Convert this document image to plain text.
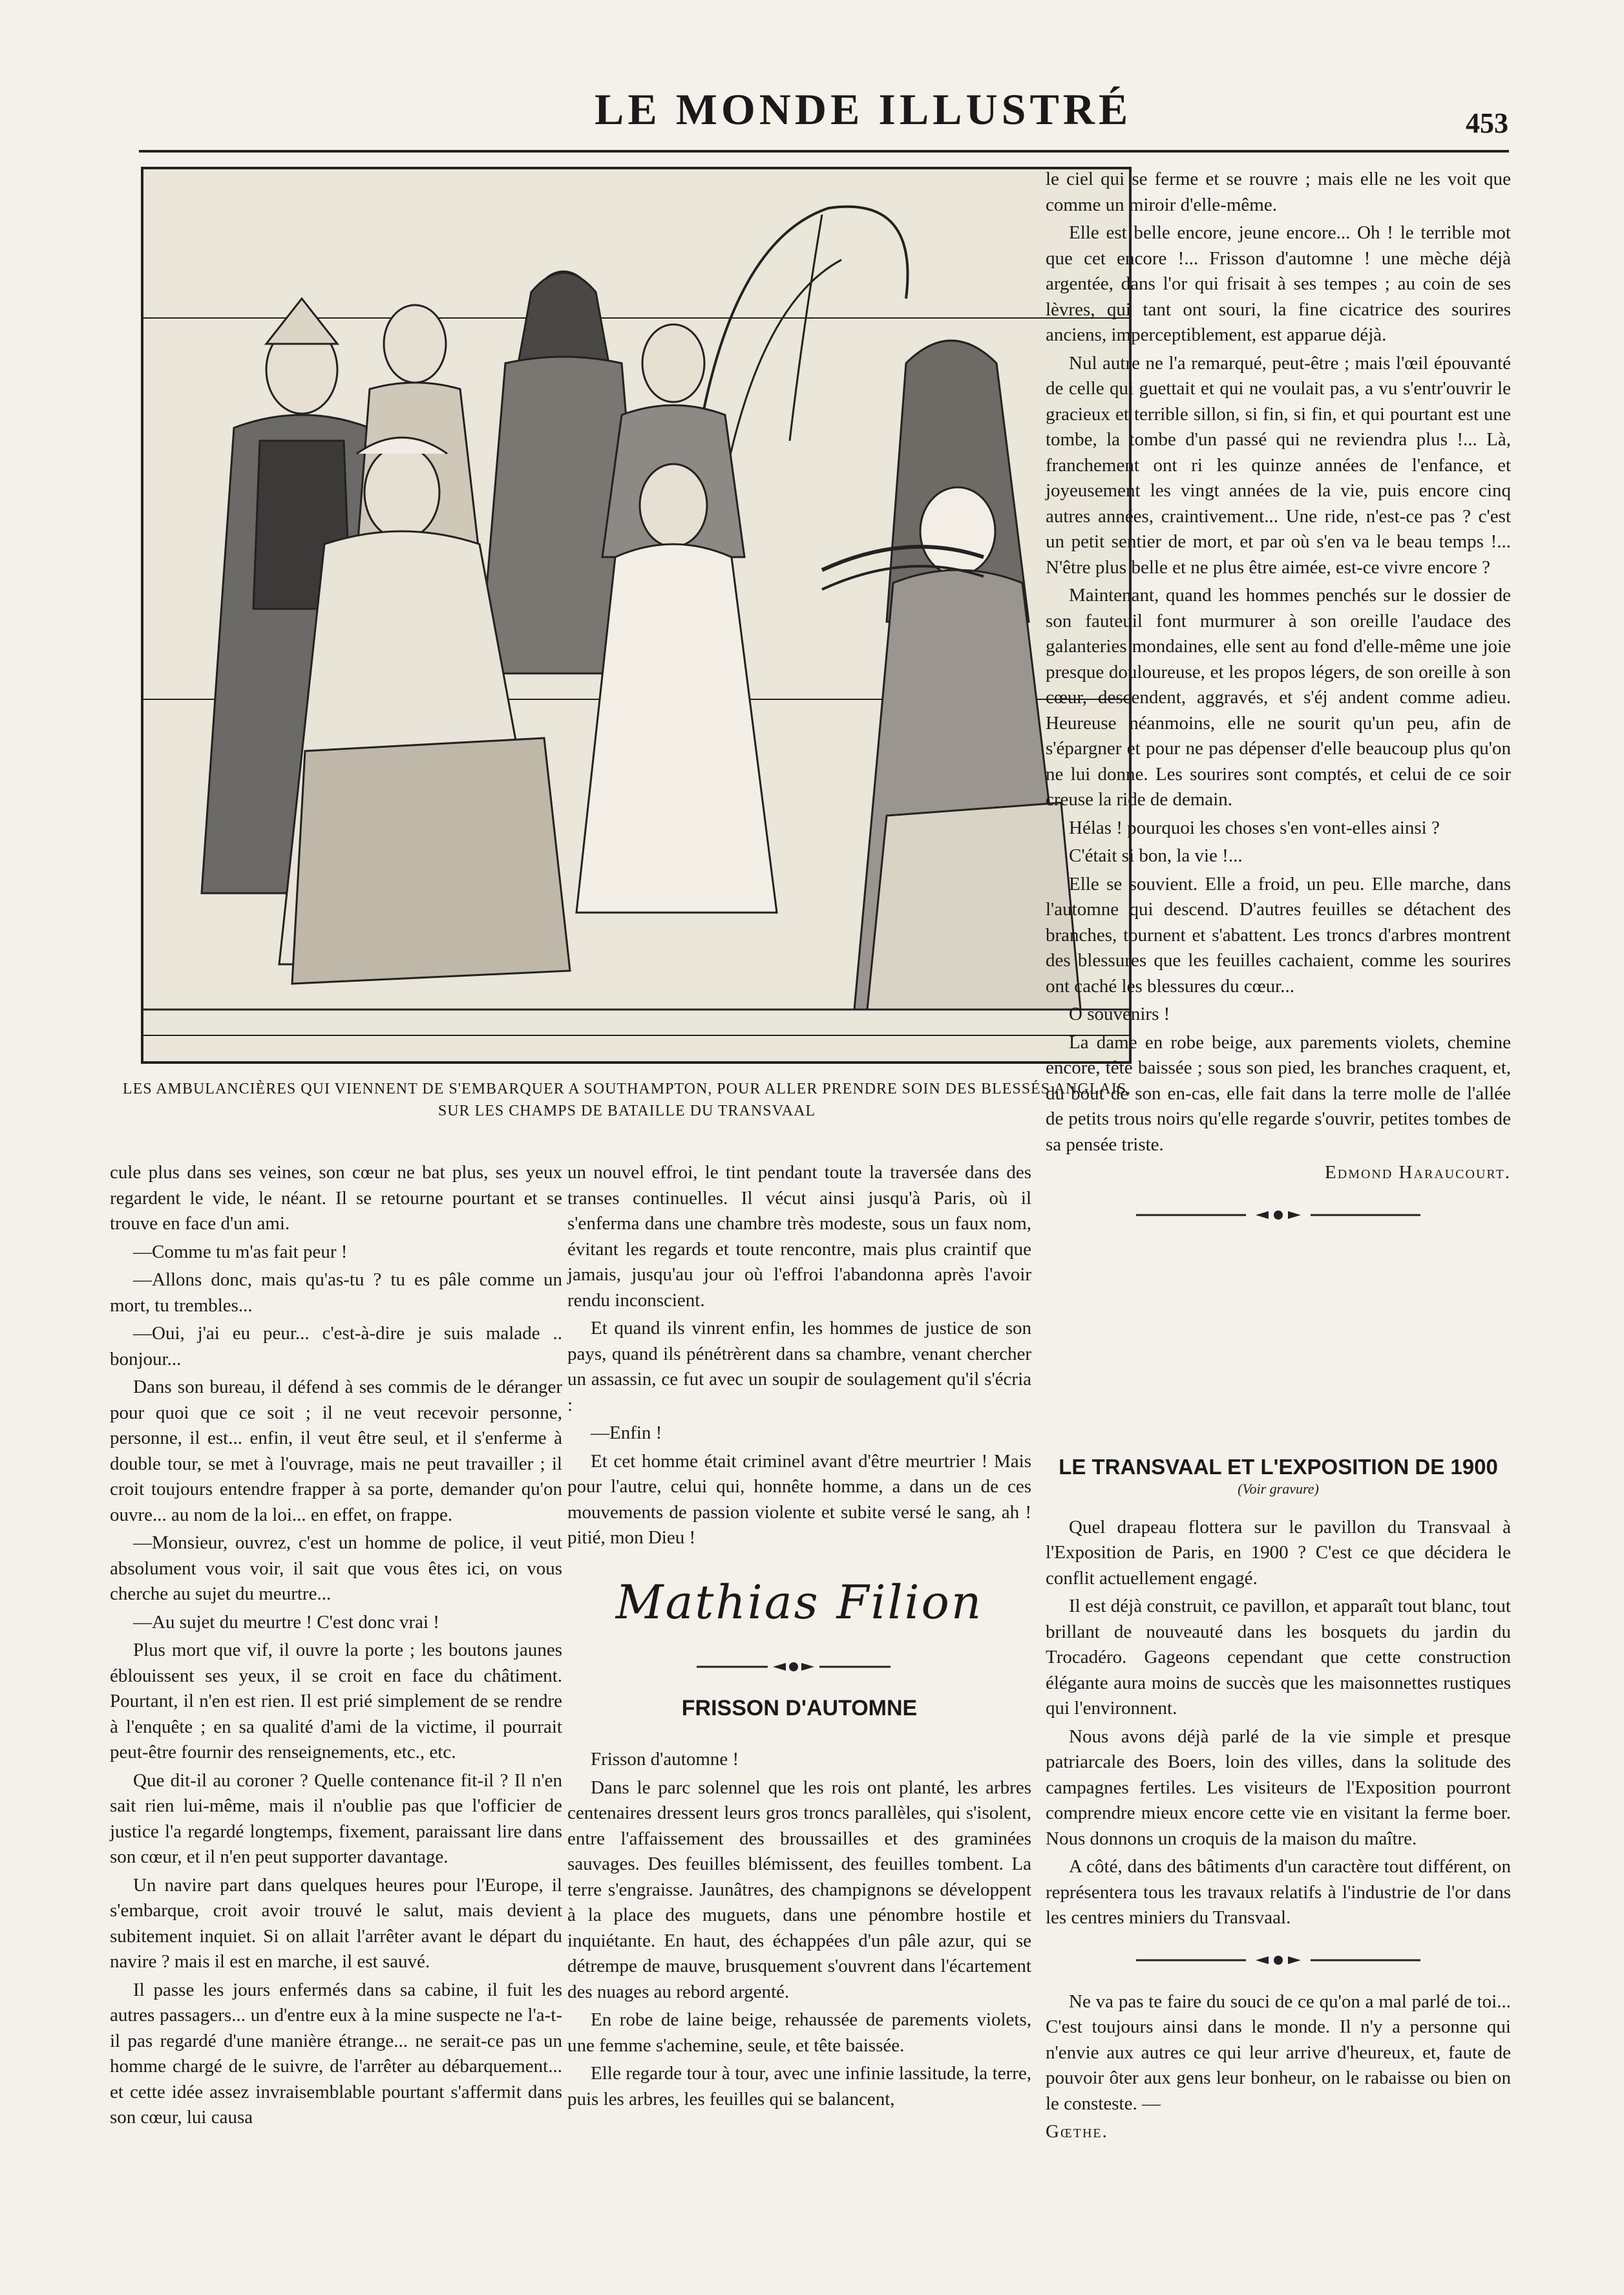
LE MONDE ILLUSTRÉ	453
LES AMBULANCIÈRES QUI VIENNENT DE S'EMBARQUER A SOUTHAMPTON, POUR ALLER PRENDRE SOIN DES BLESSÉS ANGLAIS,
SUR LES CHAMPS DE BATAILLE DU TRANSVAAL

le ciel qui se ferme et se rouvre ; mais elle ne les voit que comme un miroir d'elle-même.

Elle est belle encore, jeune encore... Oh ! le terrible mot que cet encore !... Frisson d'automne ! une mèche déjà argentée, dans l'or qui frisait à ses tempes ; au coin de ses lèvres, qui tant ont souri, la fine cicatrice des sourires anciens, imperceptiblement, est apparue déjà.

Nul autre ne l'a remarqué, peut-être ; mais l'œil épouvanté de celle qui guettait et qui ne voulait pas, a vu s'entr'ouvrir le gracieux et terrible sillon, si fin, si fin, et qui pourtant est une tombe, la tombe d'un passé qui ne reviendra plus !... Là, franchement ont ri les quinze années de l'enfance, et joyeusement les vingt années de la vie, puis encore cinq autres années, craintivement... Une ride, n'est-ce pas ? c'est un petit sentier de mort, et par où s'en va le beau temps !... N'être plus belle et ne plus être aimée, est-ce vivre encore ?

Maintenant, quand les hommes penchés sur le dossier de son fauteuil font murmurer à son oreille l'audace des galanteries mondaines, elle sent au fond d'elle-même une joie presque douloureuse, et les propos légers, de son oreille à son cœur, descendent, aggravés, et s'éj andent comme adieu. Heureuse néanmoins, elle ne sourit qu'un peu, afin de s'épargner et pour ne pas dépenser d'elle beaucoup plus qu'on ne lui donne. Les sourires sont comptés, et celui de ce soir creuse la ride de demain.

Hélas ! pourquoi les choses s'en vont-elles ainsi ?

C'était si bon, la vie !...

Elle se souvient. Elle a froid, un peu. Elle marche, dans l'automne qui descend. D'autres feuilles se détachent des branches, tournent et s'abattent. Les troncs d'arbres montrent des blessures que les feuilles cachaient, comme les sourires ont caché les blessures du cœur...

O souvenirs !

La dame en robe beige, aux parements violets, chemine encore, tête baissée ; sous son pied, les branches craquent, et, du bout de son en-cas, elle fait dans la terre molle de l'allée de petits trous noirs qu'elle regarde s'ouvrir, petites tombes de sa pensée triste.

Edmond Haraucourt.

cule plus dans ses veines, son cœur ne bat plus, ses yeux regardent le vide, le néant. Il se retourne pourtant et se trouve en face d'un ami.

—Comme tu m'as fait peur !

—Allons donc, mais qu'as-tu ? tu es pâle comme un mort, tu trembles...

—Oui, j'ai eu peur... c'est-à-dire je suis malade .. bonjour...

Dans son bureau, il défend à ses commis de le déranger pour quoi que ce soit ; il ne veut recevoir personne, personne, il est... enfin, il veut être seul, et il s'enferme à double tour, se met à l'ouvrage, mais ne peut travailler ; il croit toujours entendre frapper à sa porte, demander qu'on ouvre... au nom de la loi... en effet, on frappe.

—Monsieur, ouvrez, c'est un homme de police, il veut absolument vous voir, il sait que vous êtes ici, on vous cherche au sujet du meurtre...

—Au sujet du meurtre ! C'est donc vrai !

Plus mort que vif, il ouvre la porte ; les boutons jaunes éblouissent ses yeux, il se croit en face du châtiment. Pourtant, il n'en est rien. Il est prié simplement de se rendre à l'enquête ; en sa qualité d'ami de la victime, il pourrait peut-être fournir des renseignements, etc., etc.

Que dit-il au coroner ? Quelle contenance fit-il ? Il n'en sait rien lui-même, mais il n'oublie pas que l'officier de justice l'a regardé longtemps, fixement, paraissant lire dans son cœur, et il n'en peut supporter davantage.

Un navire part dans quelques heures pour l'Europe, il s'embarque, croit avoir trouvé le salut, mais devient subitement inquiet. Si on allait l'arrêter avant le départ du navire ? mais il est en marche, il est sauvé.

Il passe les jours enfermés dans sa cabine, il fuit les autres passagers... un d'entre eux à la mine suspecte ne l'a-t-il pas regardé d'une manière étrange... ne serait-ce pas un homme chargé de le suivre, de l'arrêter au débarquement... et cette idée assez invraisemblable pourtant s'affermit dans son cœur, lui causa

un nouvel effroi, le tint pendant toute la traversée dans des transes continuelles. Il vécut ainsi jusqu'à Paris, où il s'enferma dans une chambre très modeste, sous un faux nom, évitant les regards et toute rencontre, mais plus craintif que jamais, jusqu'au jour où l'effroi l'abandonna après l'avoir rendu inconscient.

Et quand ils vinrent enfin, les hommes de justice de son pays, quand ils pénétrèrent dans sa chambre, venant chercher un assassin, ce fut avec un soupir de soulagement qu'il s'écria :

—Enfin !

Et cet homme était criminel avant d'être meurtrier ! Mais pour l'autre, celui qui, honnête homme, a dans un de ces mouvements de passion violente et subite versé le sang, ah ! pitié, mon Dieu !

Mathias Filion
FRISSON D'AUTOMNE

Frisson d'automne !

Dans le parc solennel que les rois ont planté, les arbres centenaires dressent leurs gros troncs parallèles, qui s'isolent, entre l'affaissement des broussailles et des graminées sauvages. Des feuilles blémissent, des feuilles tombent. La terre s'engraisse. Jaunâtres, des champignons se développent à la place des muguets, dans une pénombre hostile et inquiétante. En haut, des échappées d'un pâle azur, qui se détrempe de mauve, brusquement s'ouvrent dans l'écartement des nuages au rebord argenté.

En robe de laine beige, rehaussée de parements violets, une femme s'achemine, seule, et tête baissée.

Elle regarde tour à tour, avec une infinie lassitude, la terre, puis les arbres, les feuilles qui se balancent,

LE TRANSVAAL ET L'EXPOSITION DE 1900
(Voir gravure)

Quel drapeau flottera sur le pavillon du Transvaal à l'Exposition de Paris, en 1900 ? C'est ce que décidera le conflit actuellement engagé.

Il est déjà construit, ce pavillon, et apparaît tout blanc, tout brillant de nouveauté dans les bosquets du jardin du Trocadéro. Gageons cependant que cette construction élégante aura moins de succès que les maisonnettes rustiques qui l'environnent.

Nous avons déjà parlé de la vie simple et presque patriarcale des Boers, loin des villes, dans la solitude des campagnes fertiles. Les visiteurs de l'Exposition pourront comprendre mieux encore cette vie en visitant la ferme boer. Nous donnons un croquis de la maison du maître.

A côté, dans des bâtiments d'un caractère tout différent, on représentera tous les travaux relatifs à l'industrie de l'or dans les centres miniers du Transvaal.

Ne va pas te faire du souci de ce qu'on a mal parlé de toi... C'est toujours ainsi dans le monde. Il n'y a personne qui n'envie aux autres ce qui leur arrive d'heureux, et, faute de pouvoir ôter aux gens leur bonheur, on le rabaisse ou bien on le consteste. —

Gœthe.
